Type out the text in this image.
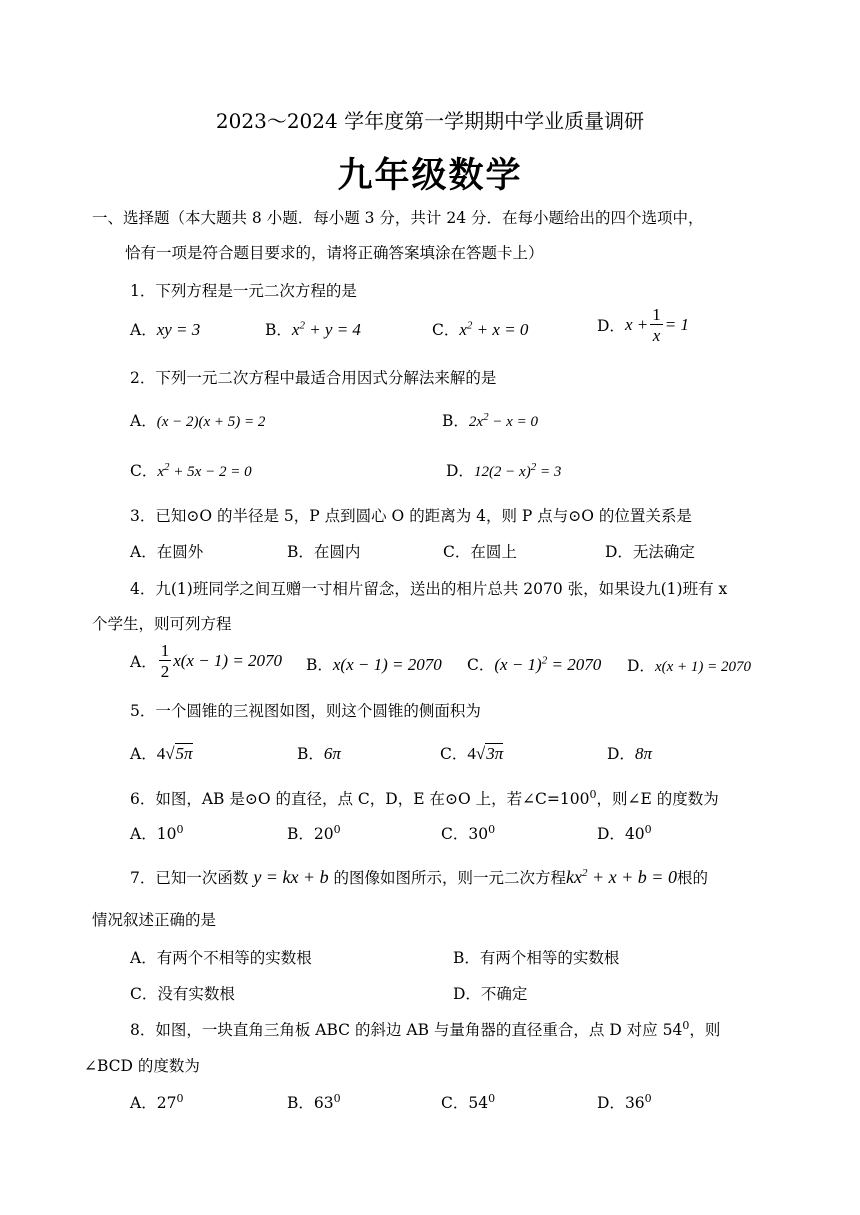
2023～2024 学年度第一学期期中学业质量调研
九年级数学
一、选择题（本大题共 8 小题．每小题 3 分，共计 24 分．在每小题给出的四个选项中，
恰有一项是符合题目要求的，请将正确答案填涂在答题卡上）
1．下列方程是一元二次方程的是
A．xy = 3	B．$x^2 + y = 4$	C．$x^2 + x = 0$	D．$x + \frac{1}{x} = 1$
2．下列一元二次方程中最适合用因式分解法来解的是
A．(x − 2)(x + 5) = 2	B．$2x^2 - x = 0$
C．$x^2 + 5x - 2 = 0$	D．$12(2 - x)^2 = 3$
3．已知⊙O 的半径是 5，P 点到圆心 O 的距离为 4，则 P 点与⊙O 的位置关系是
A．在圆外	B．在圆内	C．在圆上	D．无法确定
4．九(1)班同学之间互赠一寸相片留念，送出的相片总共 2070 张，如果设九(1)班有 x
个学生，则可列方程
A． $\frac{1}{2} x(x - 1) = 2070$ B．x(x − 1) = 2070 C．$(x - 1)^2 = 2070$ D．x(x + 1) = 2070
5．一个圆锥的三视图如图，则这个圆锥的侧面积为
A．4√5π	B．6π	C．4√3π	D．8π
6．如图，AB 是⊙O 的直径，点 C，D，E 在⊙O 上，若$\angle C=100^0$，则∠E 的度数为
A．$10^0$	B．$20^0$	C．$30^0$	D．$40^0$
7．已知一次函数 y = kx + b 的图像如图所示，则一元二次方程$kx^2 + x + b = 0$根的
情况叙述正确的是
A．有两个不相等的实数根	B．有两个相等的实数根
C．没有实数根	D．不确定
8．如图，一块直角三角板 ABC 的斜边 AB 与量角器的直径重合，点 D 对应 $54^0$，则
∠BCD 的度数为
A．$27^0$	B．$63^0$	C．$54^0$	D．$36^0$
